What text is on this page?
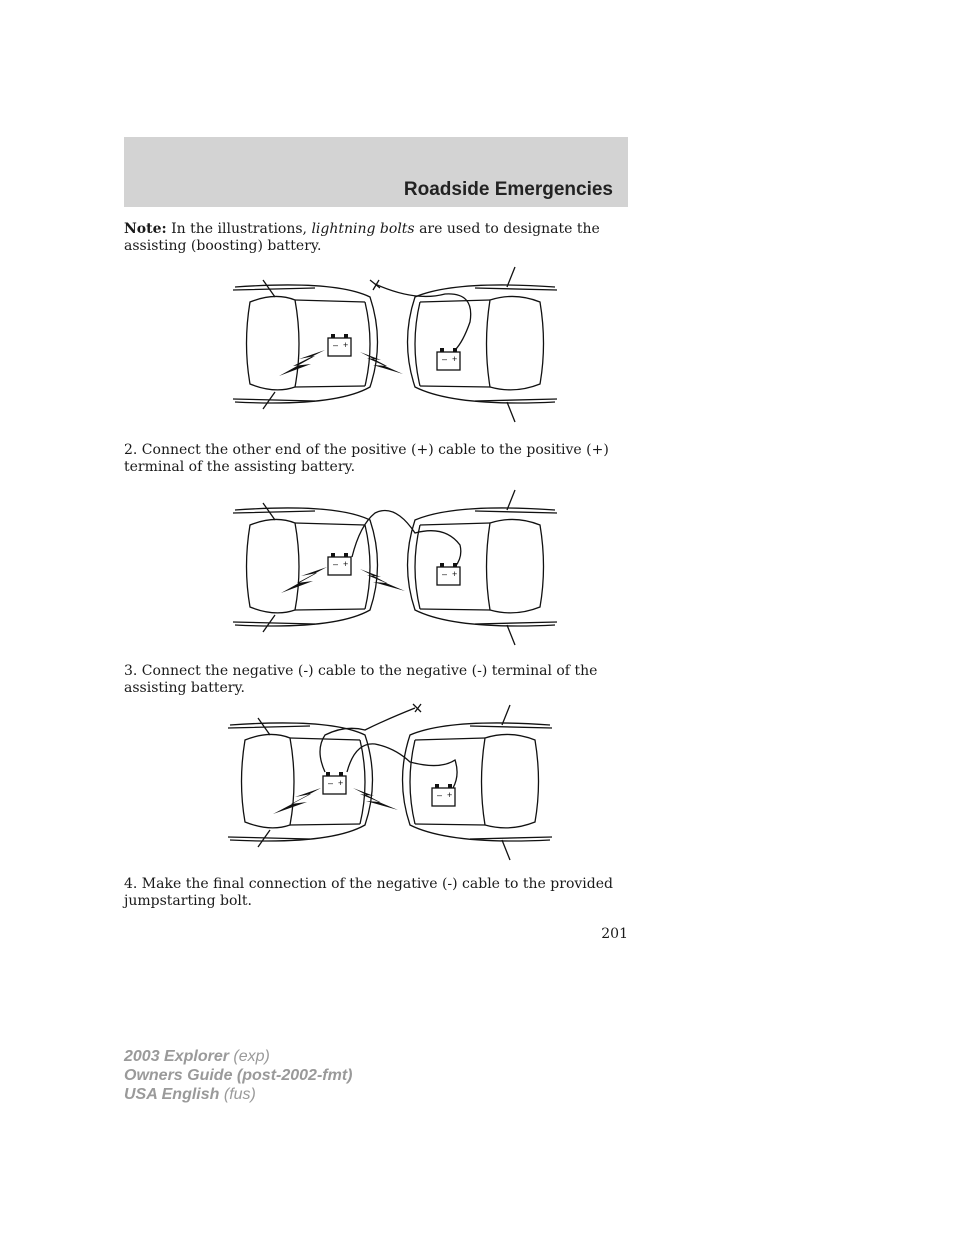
Roadside Emergencies

Note: In the illustrations, lightning bolts are used to designate the assisting (boosting) battery.

– +
– +

2. Connect the other end of the positive (+) cable to the positive (+) terminal of the assisting battery.

– +
– +

3. Connect the negative (-) cable to the negative (-) terminal of the assisting battery.

– +
– +

4. Make the final connection of the negative (-) cable to the provided jumpstarting bolt.

201

2003 Explorer (exp)
Owners Guide (post-2002-fmt)
USA English (fus)
